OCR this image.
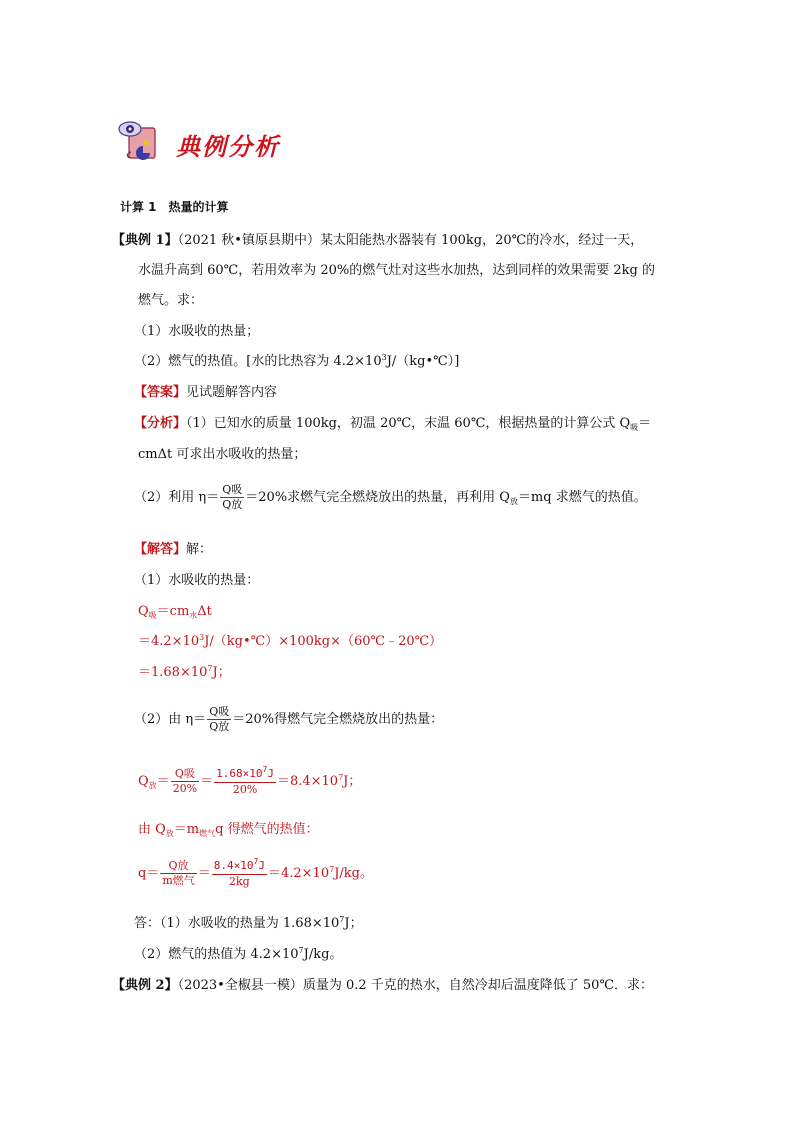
典例分析
计算 1　热量的计算
【典例 1】（2021 秋•镇原县期中）某太阳能热水器装有 100kg，20℃的冷水，经过一天，
水温升高到 60℃，若用效率为 20%的燃气灶对这些水加热，达到同样的效果需要 2kg 的
燃气。求：
（1）水吸收的热量；
（2）燃气的热值。[水的比热容为 $4.2\times 10^3J/(kg•℃)$]
【答案】见试题解答内容
【分析】（1）已知水的质量 100kg，初温 20℃，末温 60℃，根据热量的计算公式 $Q_吸=$
cmΔt 可求出水吸收的热量；
（2）利用 $\eta= \frac{\text{Q吸}}{\text{Q放}} =20\%$求燃气完全燃烧放出的热量，再利用 $Q_放=mq$ 求燃气的热值。
【解答】解：
（1）水吸收的热量：
$Q_吸=cm_水\Delta t$
$=4.2\times 10^3J/(kg•℃)\times 100kg\times(60℃﹣20℃)$
$=1.68\times 10^7J$；
（2）由 $\eta= \frac{\text{Q吸}}{\text{Q放}} =20\%$得燃气完全燃烧放出的热量：
$Q_放= \frac{\text{Q吸}}{20\%} = \frac{1.68\times 10^7J}{20\%} =8.4\times 10^7J$；
由 $Q_放=m_{燃气}q$ 得燃气的热值：
$q= \frac{\text{Q放}}{\text{m燃气}} = \frac{8.4\times 10^7J}{2kg} =4.2\times 10^7J/kg$。
答：（1）水吸收的热量为 $1.68\times 10^7J$；
（2）燃气的热值为 $4.2\times 10^7J/kg$。
【典例 2】（2023•全椒县一模）质量为 0.2 千克的热水，自然冷却后温度降低了 50℃．求：
